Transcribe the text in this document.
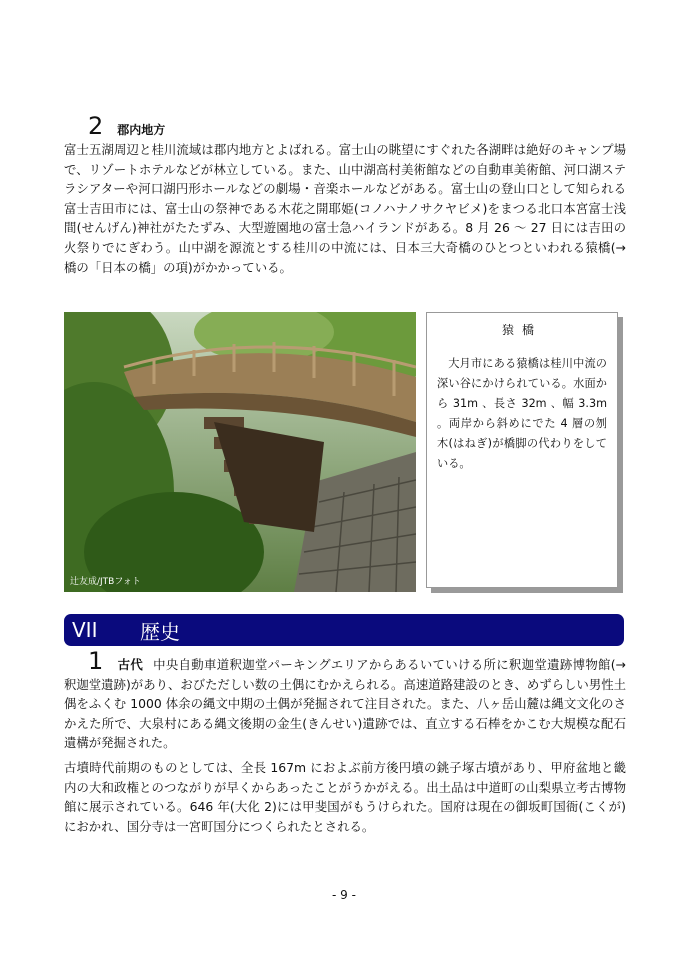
2 郡内地方
富士五湖周辺と桂川流域は郡内地方とよばれる。富士山の眺望にすぐれた各湖畔は絶好のキャンプ場で、リゾートホテルなどが林立している。また、山中湖高村美術館などの自動車美術館、河口湖ステラシアターや河口湖円形ホールなどの劇場・音楽ホールなどがある。富士山の登山口として知られる富士吉田市には、富士山の祭神である木花之開耶姫(コノハナノサクヤビメ)をまつる北口本宮富士浅間(せんげん)神社がたたずみ、大型遊園地の富士急ハイランドがある。8 月 26 ～ 27 日には吉田の火祭りでにぎわう。山中湖を源流とする桂川の中流には、日本三大奇橋のひとつといわれる猿橋(→ 橋の「日本の橋」の項)がかかっている。
辻友成/JTBフォト
猿橋
大月市にある猿橋は桂川中流の深い谷にかけられている。水面から 31m 、長さ 32m 、幅 3.3m 。両岸から斜めにでた 4 層の刎木(はねぎ)が橋脚の代わりをしている。
VII	歴史
1 古代 中央自動車道釈迦堂パーキングエリアからあるいていける所に釈迦堂遺跡博物館(→ 釈迦堂遺跡)があり、おびただしい数の土偶にむかえられる。高速道路建設のとき、めずらしい男性土偶をふくむ 1000 体余の縄文中期の土偶が発掘されて注目された。また、八ヶ岳山麓は縄文文化のさかえた所で、大泉村にある縄文後期の金生(きんせい)遺跡では、直立する石棒をかこむ大規模な配石遺構が発掘された。
古墳時代前期のものとしては、全長 167m におよぶ前方後円墳の銚子塚古墳があり、甲府盆地と畿内の大和政権とのつながりが早くからあったことがうかがえる。出土品は中道町の山梨県立考古博物館に展示されている。646 年(大化 2)には甲斐国がもうけられた。国府は現在の御坂町国衙(こくが)におかれ、国分寺は一宮町国分につくられたとされる。
- 9 -
